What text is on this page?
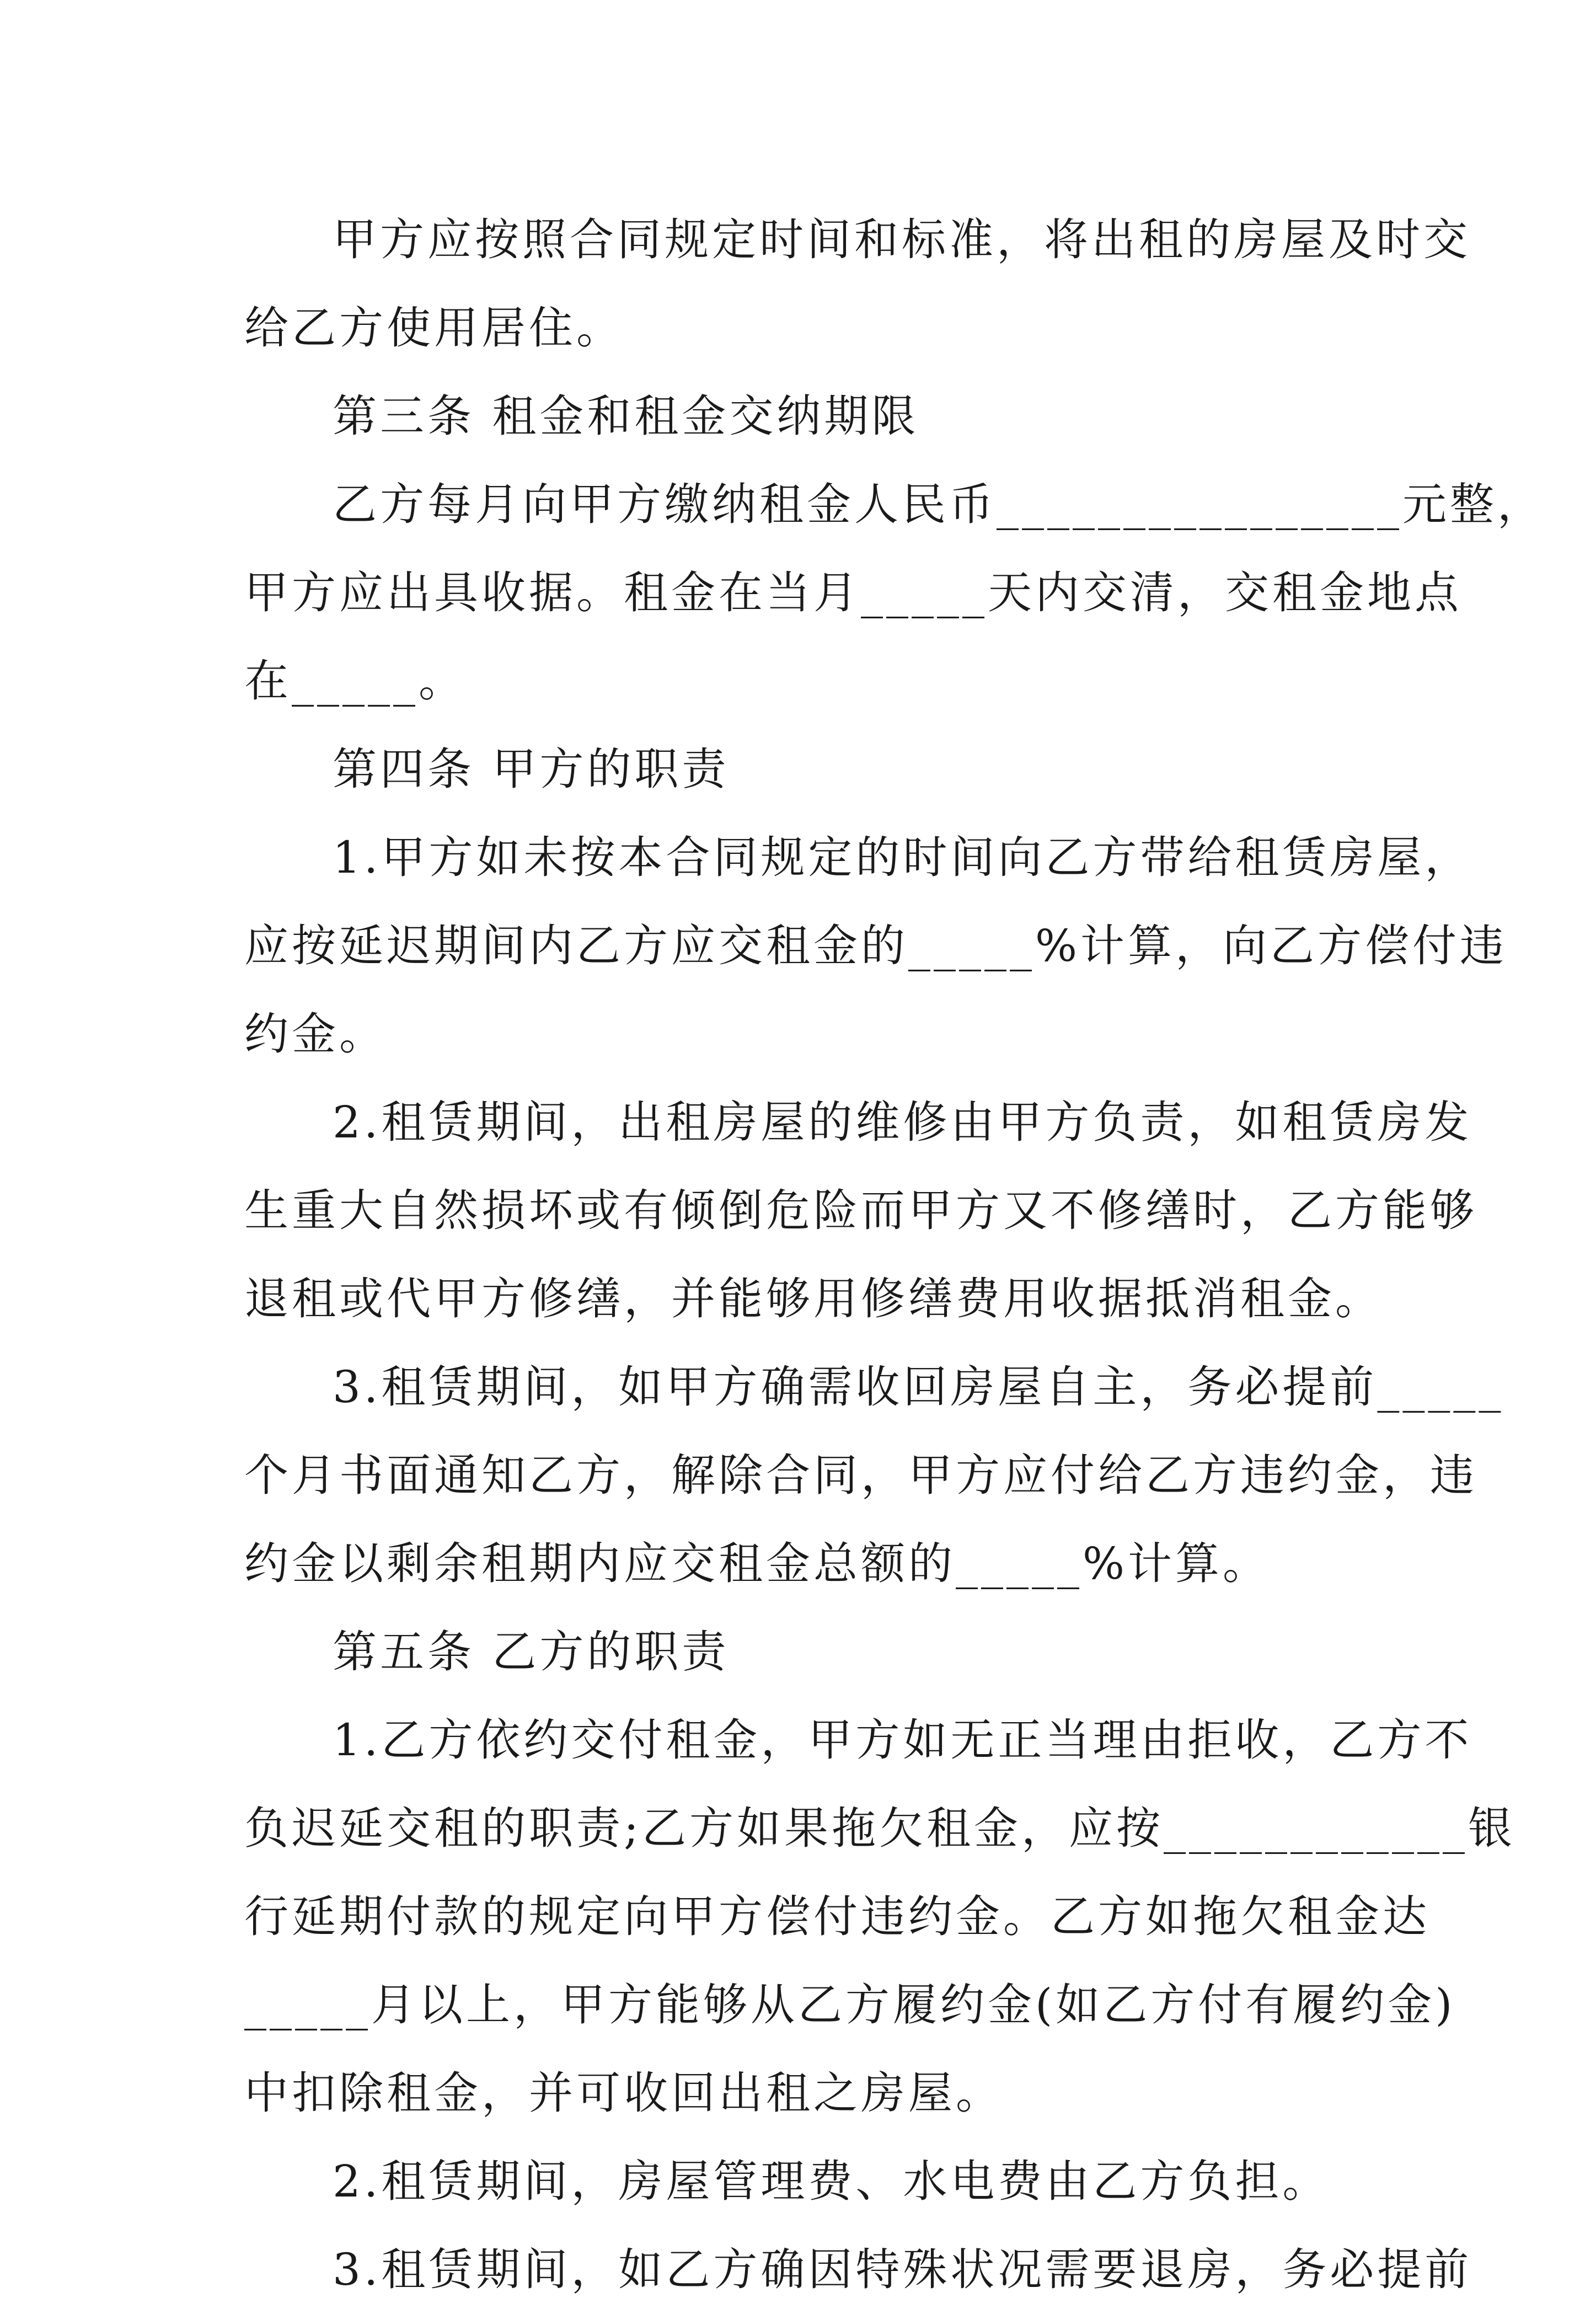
甲方应按照合同规定时间和标准，将出租的房屋及时交
给乙方使用居住。
第三条 租金和租金交纳期限
乙方每月向甲方缴纳租金人民币________________元整，
甲方应出具收据。租金在当月_____天内交清，交租金地点
在_____。
第四条 甲方的职责
1.甲方如未按本合同规定的时间向乙方带给租赁房屋，
应按延迟期间内乙方应交租金的_____%计算，向乙方偿付违
约金。
2.租赁期间，出租房屋的维修由甲方负责，如租赁房发
生重大自然损坏或有倾倒危险而甲方又不修缮时，乙方能够
退租或代甲方修缮，并能够用修缮费用收据抵消租金。
3.租赁期间，如甲方确需收回房屋自主，务必提前_____
个月书面通知乙方，解除合同，甲方应付给乙方违约金，违
约金以剩余租期内应交租金总额的_____%计算。
第五条 乙方的职责
1.乙方依约交付租金，甲方如无正当理由拒收，乙方不
负迟延交租的职责;乙方如果拖欠租金，应按____________银
行延期付款的规定向甲方偿付违约金。乙方如拖欠租金达
_____月以上，甲方能够从乙方履约金(如乙方付有履约金)
中扣除租金，并可收回出租之房屋。
2.租赁期间，房屋管理费、水电费由乙方负担。
3.租赁期间，如乙方确因特殊状况需要退房，务必提前
